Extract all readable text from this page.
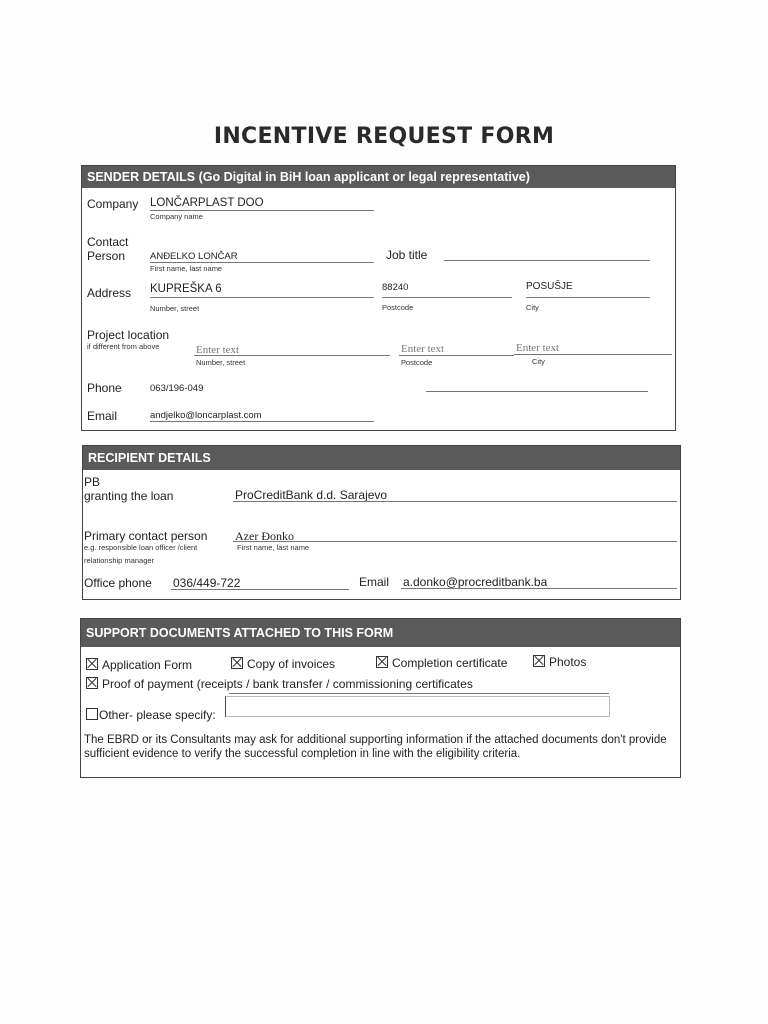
INCENTIVE REQUEST FORM
SENDER DETAILS (Go Digital in BiH loan applicant or legal representative)
Company LONČARPLAST DOO
Company name
Contact
Person	ANĐELKO LONČAR
First name, last name
Job title
Address KUPREŠKA 6
Number, street
88240
Postcode
POSUŠJE
City
Project location
if different from above	Enter text
Number, street
Enter text
Postcode
Enter text
City
Phone	063/196-049
Email	andjelko@loncarplast.com
RECIPIENT DETAILS
PB
granting the loan	ProCreditBank d.d. Sarajevo
Primary contact person Azer Đonko
e.g. responsible loan officer /client	First name, last name
relationship manager
Office phone 036/449-722	Email a.donko@procreditbank.ba
SUPPORT DOCUMENTS ATTACHED TO THIS FORM
Application Form	Copy of invoices	Completion certificate	Photos
Proof of payment (receipts / bank transfer / commissioning certificates
Other- please specify:
The EBRD or its Consultants may ask for additional supporting information if the attached documents don't provide sufficient evidence to verify the successful completion in line with the eligibility criteria.
